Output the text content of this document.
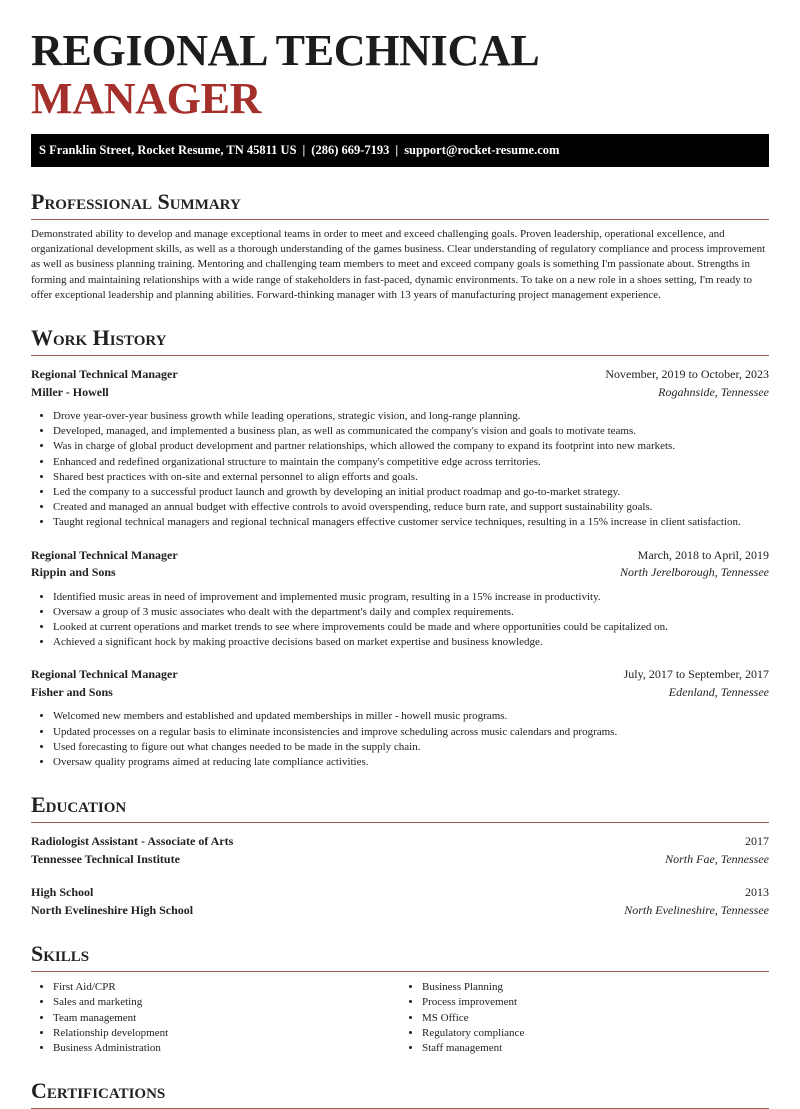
REGIONAL TECHNICAL MANAGER
S Franklin Street, Rocket Resume, TN 45811 US | (286) 669-7193 | support@rocket-resume.com
Professional Summary
Demonstrated ability to develop and manage exceptional teams in order to meet and exceed challenging goals. Proven leadership, operational excellence, and organizational development skills, as well as a thorough understanding of the games business. Clear understanding of regulatory compliance and process improvement as well as business planning training. Mentoring and challenging team members to meet and exceed company goals is something I'm passionate about. Strengths in forming and maintaining relationships with a wide range of stakeholders in fast-paced, dynamic environments. To take on a new role in a shoes setting, I'm ready to offer exceptional leadership and planning abilities. Forward-thinking manager with 13 years of manufacturing project management experience.
Work History
Regional Technical Manager	November, 2019 to October, 2023
Miller - Howell	Rogahnside, Tennessee
• Drove year-over-year business growth while leading operations, strategic vision, and long-range planning.
• Developed, managed, and implemented a business plan, as well as communicated the company's vision and goals to motivate teams.
• Was in charge of global product development and partner relationships, which allowed the company to expand its footprint into new markets.
• Enhanced and redefined organizational structure to maintain the company's competitive edge across territories.
• Shared best practices with on-site and external personnel to align efforts and goals.
• Led the company to a successful product launch and growth by developing an initial product roadmap and go-to-market strategy.
• Created and managed an annual budget with effective controls to avoid overspending, reduce burn rate, and support sustainability goals.
• Taught regional technical managers and regional technical managers effective customer service techniques, resulting in a 15% increase in client satisfaction.
Regional Technical Manager	March, 2018 to April, 2019
Rippin and Sons	North Jerelborough, Tennessee
• Identified music areas in need of improvement and implemented music program, resulting in a 15% increase in productivity.
• Oversaw a group of 3 music associates who dealt with the department's daily and complex requirements.
• Looked at current operations and market trends to see where improvements could be made and where opportunities could be capitalized on.
• Achieved a significant hock by making proactive decisions based on market expertise and business knowledge.
Regional Technical Manager	July, 2017 to September, 2017
Fisher and Sons	Edenland, Tennessee
• Welcomed new members and established and updated memberships in miller - howell music programs.
• Updated processes on a regular basis to eliminate inconsistencies and improve scheduling across music calendars and programs.
• Used forecasting to figure out what changes needed to be made in the supply chain.
• Oversaw quality programs aimed at reducing late compliance activities.
Education
Radiologist Assistant - Associate of Arts	2017
Tennessee Technical Institute	North Fae, Tennessee
High School	2013
North Evelineshire High School	North Evelineshire, Tennessee
Skills
• First Aid/CPR
• Sales and marketing
• Team management
• Relationship development
• Business Administration
• Business Planning
• Process improvement
• MS Office
• Regulatory compliance
• Staff management
Certifications
